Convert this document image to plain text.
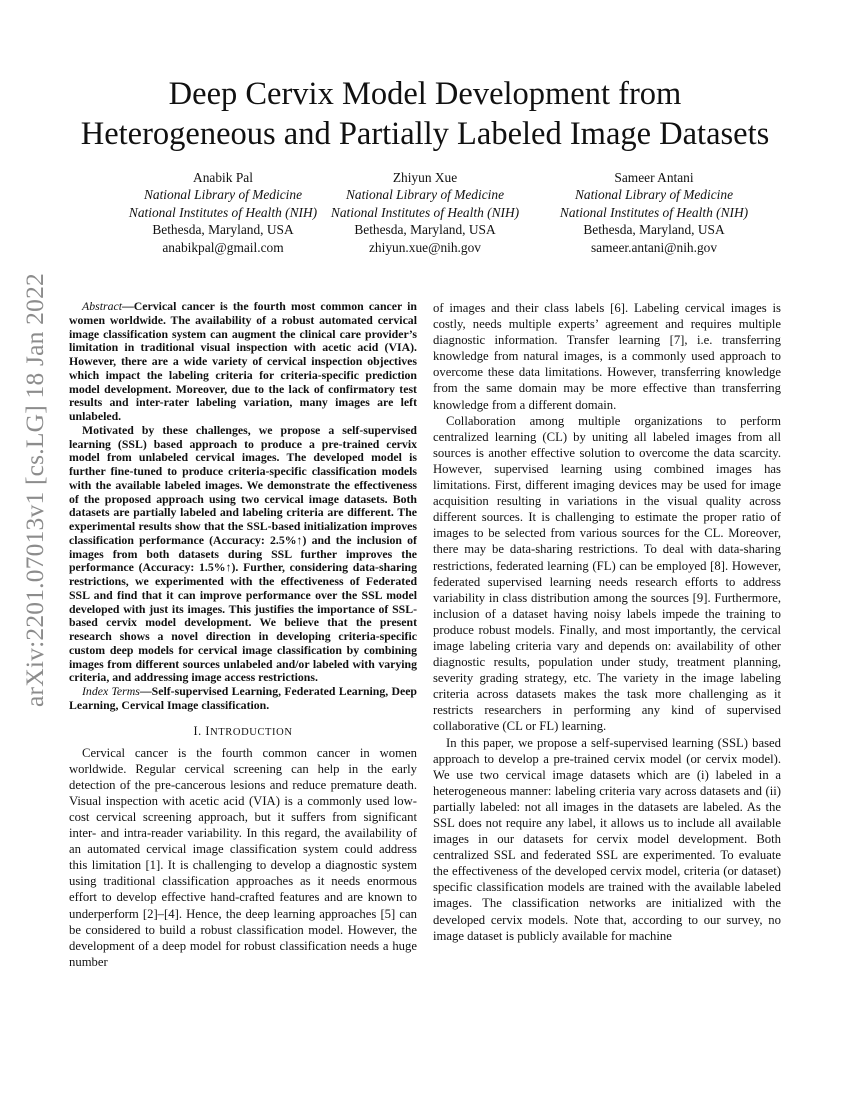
arXiv:2201.07013v1 [cs.LG] 18 Jan 2022
Deep Cervix Model Development from
Heterogeneous and Partially Labeled Image Datasets
Anabik Pal
National Library of Medicine
National Institutes of Health (NIH)
Bethesda, Maryland, USA
anabikpal@gmail.com
Zhiyun Xue
National Library of Medicine
National Institutes of Health (NIH)
Bethesda, Maryland, USA
zhiyun.xue@nih.gov
Sameer Antani
National Library of Medicine
National Institutes of Health (NIH)
Bethesda, Maryland, USA
sameer.antani@nih.gov

Abstract—Cervical cancer is the fourth most common cancer in women worldwide. The availability of a robust automated cervical image classification system can augment the clinical care provider’s limitation in traditional visual inspection with acetic acid (VIA). However, there are a wide variety of cervical inspection objectives which impact the labeling criteria for criteria-specific prediction model development. Moreover, due to the lack of confirmatory test results and inter-rater labeling variation, many images are left unlabeled.

Motivated by these challenges, we propose a self-supervised learning (SSL) based approach to produce a pre-trained cervix model from unlabeled cervical images. The developed model is further fine-tuned to produce criteria-specific classification models with the available labeled images. We demonstrate the effectiveness of the proposed approach using two cervical image datasets. Both datasets are partially labeled and labeling criteria are different. The experimental results show that the SSL-based initialization improves classification performance (Accuracy: 2.5%↑) and the inclusion of images from both datasets during SSL further improves the performance (Accuracy: 1.5%↑). Further, considering data-sharing restrictions, we experimented with the effectiveness of Federated SSL and find that it can improve performance over the SSL model developed with just its images. This justifies the importance of SSL-based cervix model development. We believe that the present research shows a novel direction in developing criteria-specific custom deep models for cervical image classification by combining images from different sources unlabeled and/or labeled with varying criteria, and addressing image access restrictions.

Index Terms—Self-supervised Learning, Federated Learning, Deep Learning, Cervical Image classification.

I. INTRODUCTION

Cervical cancer is the fourth common cancer in women worldwide. Regular cervical screening can help in the early detection of the pre-cancerous lesions and reduce premature death. Visual inspection with acetic acid (VIA) is a commonly used low-cost cervical screening approach, but it suffers from significant inter- and intra-reader variability. In this regard, the availability of an automated cervical image classification system could address this limitation [1]. It is challenging to develop a diagnostic system using traditional classification approaches as it needs enormous effort to develop effective hand-crafted features and are known to underperform [2]–[4]. Hence, the deep learning approaches [5] can be considered to build a robust classification model. However, the development of a deep model for robust classification needs a huge number

of images and their class labels [6]. Labeling cervical images is costly, needs multiple experts’ agreement and requires multiple diagnostic information. Transfer learning [7], i.e. transferring knowledge from natural images, is a commonly used approach to overcome these data limitations. However, transferring knowledge from the same domain may be more effective than transferring knowledge from a different domain.

Collaboration among multiple organizations to perform centralized learning (CL) by uniting all labeled images from all sources is another effective solution to overcome the data scarcity. However, supervised learning using combined images has limitations. First, different imaging devices may be used for image acquisition resulting in variations in the visual quality across different sources. It is challenging to estimate the proper ratio of images to be selected from various sources for the CL. Moreover, there may be data-sharing restrictions. To deal with data-sharing restrictions, federated learning (FL) can be employed [8]. However, federated supervised learning needs research efforts to address variability in class distribution among the sources [9]. Furthermore, inclusion of a dataset having noisy labels impede the training to produce robust models. Finally, and most importantly, the cervical image labeling criteria vary and depends on: availability of other diagnostic results, population under study, treatment planning, severity grading strategy, etc. The variety in the image labeling criteria across datasets makes the task more challenging as it restricts researchers in performing any kind of supervised collaborative (CL or FL) learning.

In this paper, we propose a self-supervised learning (SSL) based approach to develop a pre-trained cervix model (or cervix model). We use two cervical image datasets which are (i) labeled in a heterogeneous manner: labeling criteria vary across datasets and (ii) partially labeled: not all images in the datasets are labeled. As the SSL does not require any label, it allows us to include all available images in our datasets for cervix model development. Both centralized SSL and federated SSL are experimented. To evaluate the effectiveness of the developed cervix model, criteria (or dataset) specific classification models are trained with the available labeled images. The classification networks are initialized with the developed cervix models. Note that, according to our survey, no image dataset is publicly available for machine
